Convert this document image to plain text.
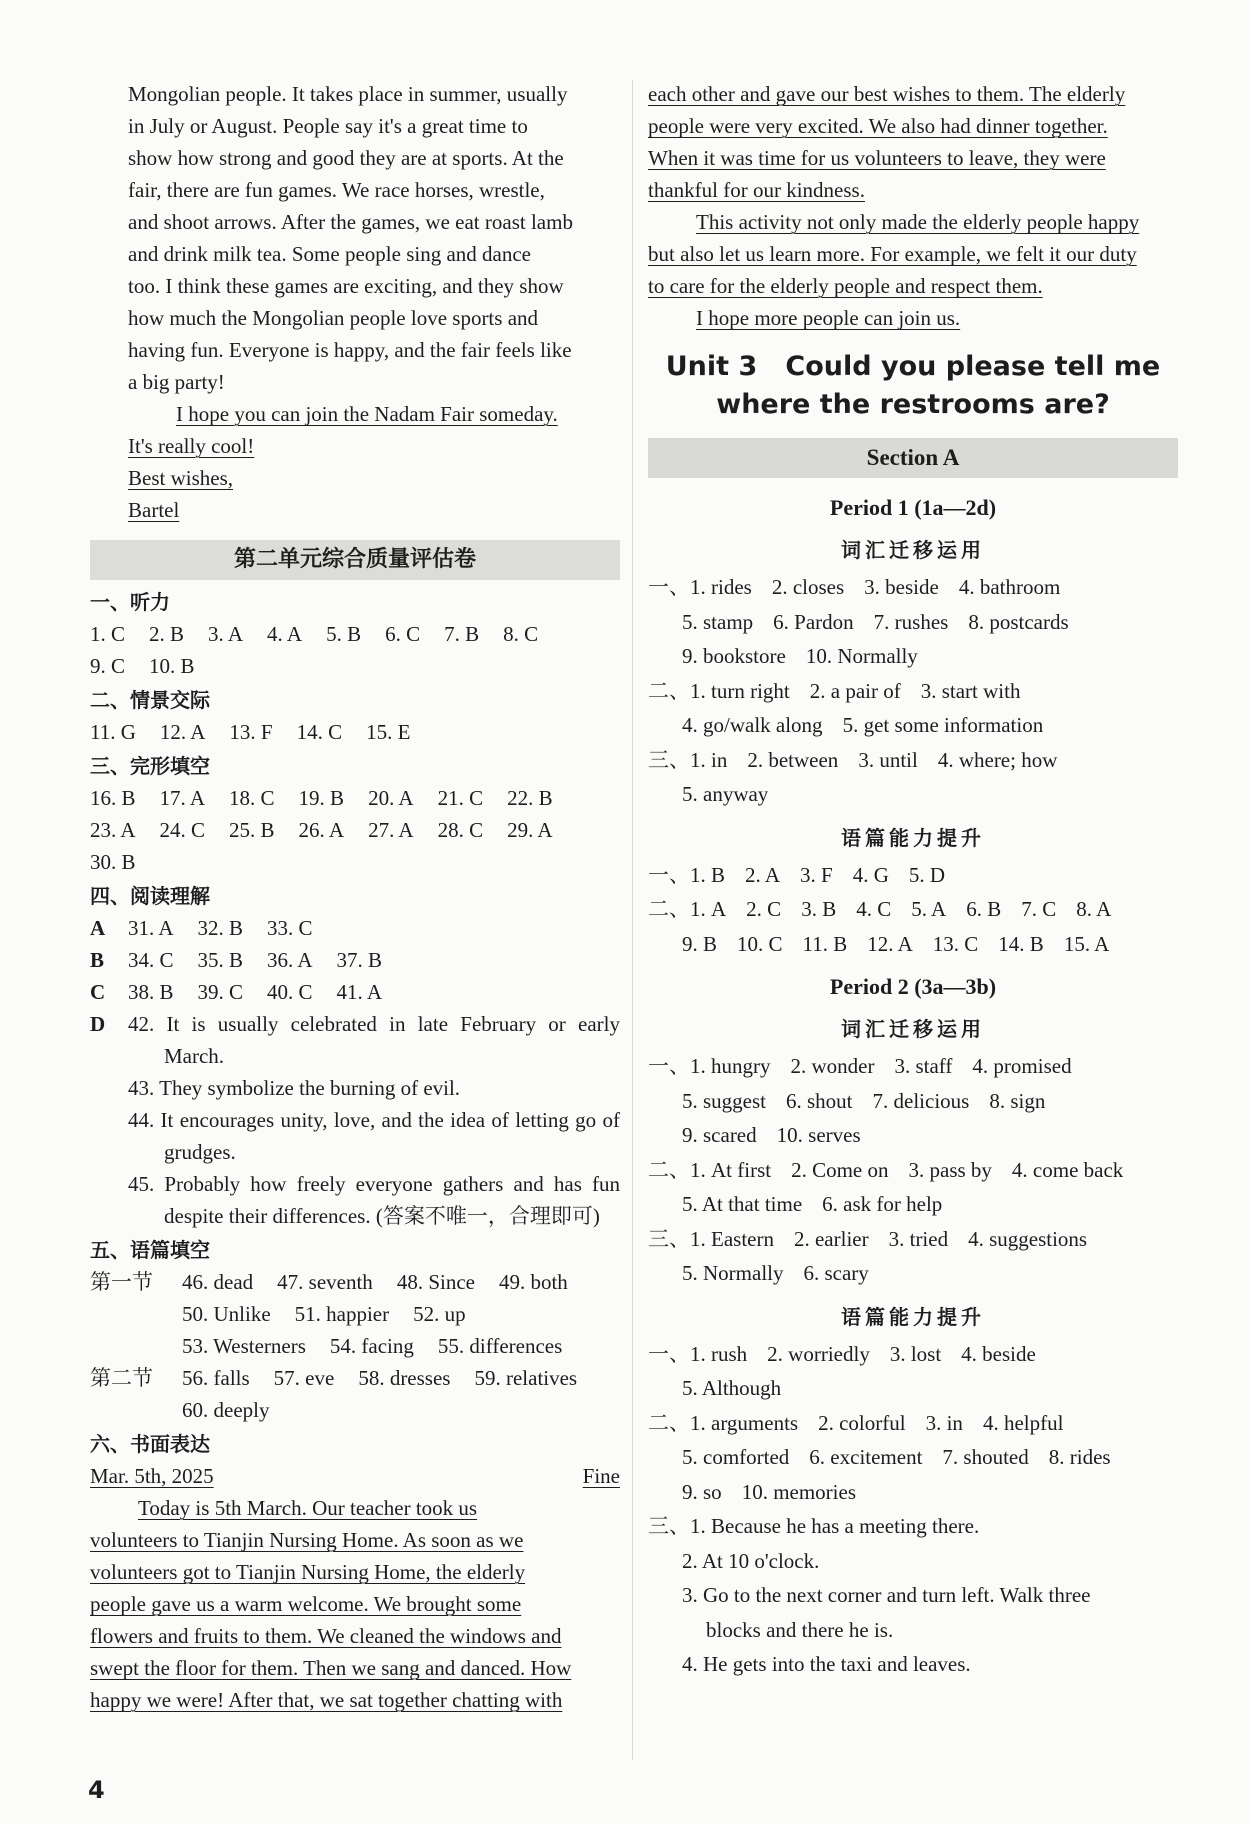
Mongolian people. It takes place in summer, usually

in July or August. People say it's a great time to

show how strong and good they are at sports. At the

fair, there are fun games. We race horses, wrestle,

and shoot arrows. After the games, we eat roast lamb

and drink milk tea. Some people sing and dance

too. I think these games are exciting, and they show

how much the Mongolian people love sports and

having fun. Everyone is happy, and the fair feels like

a big party!

I hope you can join the Nadam Fair someday.

It's really cool!

Best wishes,

Bartel

第二单元综合质量评估卷
一、听力
1. C 2. B 3. A 4. A 5. B 6. C 7. B 8. C
9. C 10. B
二、情景交际
11. G 12. A 13. F 14. C 15. E
三、完形填空
16. B 17. A 18. C 19. B 20. A 21. C 22. B
23. A 24. C 25. B 26. A 27. A 28. C 29. A
30. B
四、阅读理解
A 31. A 32. B 33. C
B 34. C 35. B 36. A 37. B
C 38. B 39. C 40. C 41. A
D	42. It is usually celebrated in late February or early March.

43. They symbolize the burning of evil.

44. It encourages unity, love, and the idea of letting go of grudges.

45. Probably how freely everyone gathers and has fun despite their differences. (答案不唯一，合理即可)

五、语篇填空
第一节	46. dead 47. seventh 48. Since 49. both
50. Unlike 51. happier 52. up
53. Westerners 54. facing 55. differences
第二节	56. falls 57. eve 58. dresses 59. relatives
60. deeply
六、书面表达
Mar. 5th, 2025	Fine

Today is 5th March. Our teacher took us

volunteers to Tianjin Nursing Home. As soon as we

volunteers got to Tianjin Nursing Home, the elderly

people gave us a warm welcome. We brought some

flowers and fruits to them. We cleaned the windows and

swept the floor for them. Then we sang and danced. How

happy we were! After that, we sat together chatting with

each other and gave our best wishes to them. The elderly

people were very excited. We also had dinner together.

When it was time for us volunteers to leave, they were

thankful for our kindness.

This activity not only made the elderly people happy

but also let us learn more. For example, we felt it our duty

to care for the elderly people and respect them.

I hope more people can join us.

Unit 3   Could you please tell me
where the restrooms are?
Section A
Period 1 (1a—2d)
词汇迁移运用
一、1. rides 2. closes 3. beside 4. bathroom
5. stamp 6. Pardon 7. rushes 8. postcards
9. bookstore 10. Normally
二、1. turn right 2. a pair of 3. start with
4. go/walk along 5. get some information
三、1. in 2. between 3. until 4. where; how
5. anyway
语篇能力提升
一、1. B 2. A 3. F 4. G 5. D
二、1. A 2. C 3. B 4. C 5. A 6. B 7. C 8. A
9. B 10. C 11. B 12. A 13. C 14. B 15. A
Period 2 (3a—3b)
词汇迁移运用
一、1. hungry 2. wonder 3. staff 4. promised
5. suggest 6. shout 7. delicious 8. sign
9. scared 10. serves
二、1. At first 2. Come on 3. pass by 4. come back
5. At that time 6. ask for help
三、1. Eastern 2. earlier 3. tried 4. suggestions
5. Normally 6. scary
语篇能力提升
一、1. rush 2. worriedly 3. lost 4. beside
5. Although
二、1. arguments 2. colorful 3. in 4. helpful
5. comforted 6. excitement 7. shouted 8. rides
9. so 10. memories
三、1. Because he has a meeting there.
2. At 10 o'clock.
3. Go to the next corner and turn left. Walk three
blocks and there he is.
4. He gets into the taxi and leaves.
4
